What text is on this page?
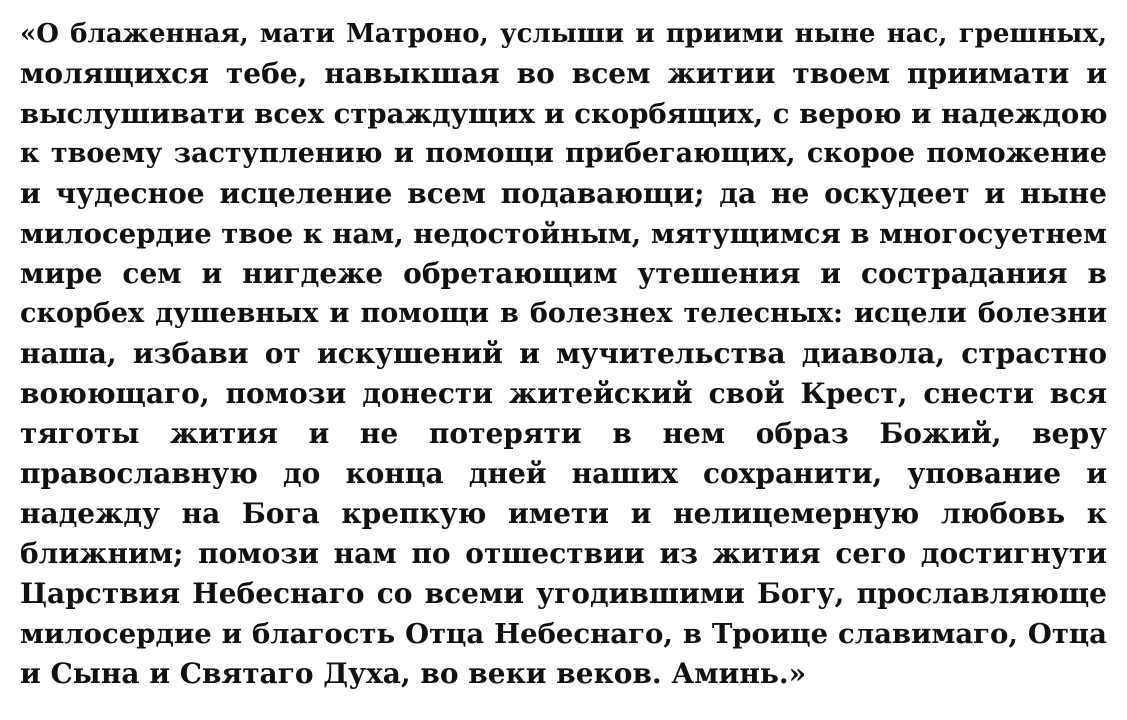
«О блаженная, мати Матроно, услыши и приими ныне нас, грешных,
молящихся тебе, навыкшая во всем житии твоем приимати и
выслушивати всех страждущих и скорбящих, с верою и надеждою
к твоему заступлению и помощи прибегающих, скорое поможение
и чудесное исцеление всем подавающи; да не оскудеет и ныне
милосердие твое к нам, недостойным, мятущимся в многосуетнем
мире сем и нигдеже обретающим утешения и сострадания в
скорбех душевных и помощи в болезнех телесных: исцели болезни
наша, избави от искушений и мучительства диавола, страстно
воюющаго, помози донести житейский свой Крест, снести вся
тяготы жития и не потеряти в нем образ Божий, веру
православную до конца дней наших сохранити, упование и
надежду на Бога крепкую имети и нелицемерную любовь к
ближним; помози нам по отшествии из жития сего достигнути
Царствия Небеснаго со всеми угодившими Богу, прославляюще
милосердие и благость Отца Небеснаго, в Троице славимаго, Отца
и Сына и Святаго Духа, во веки веков. Аминь.»
